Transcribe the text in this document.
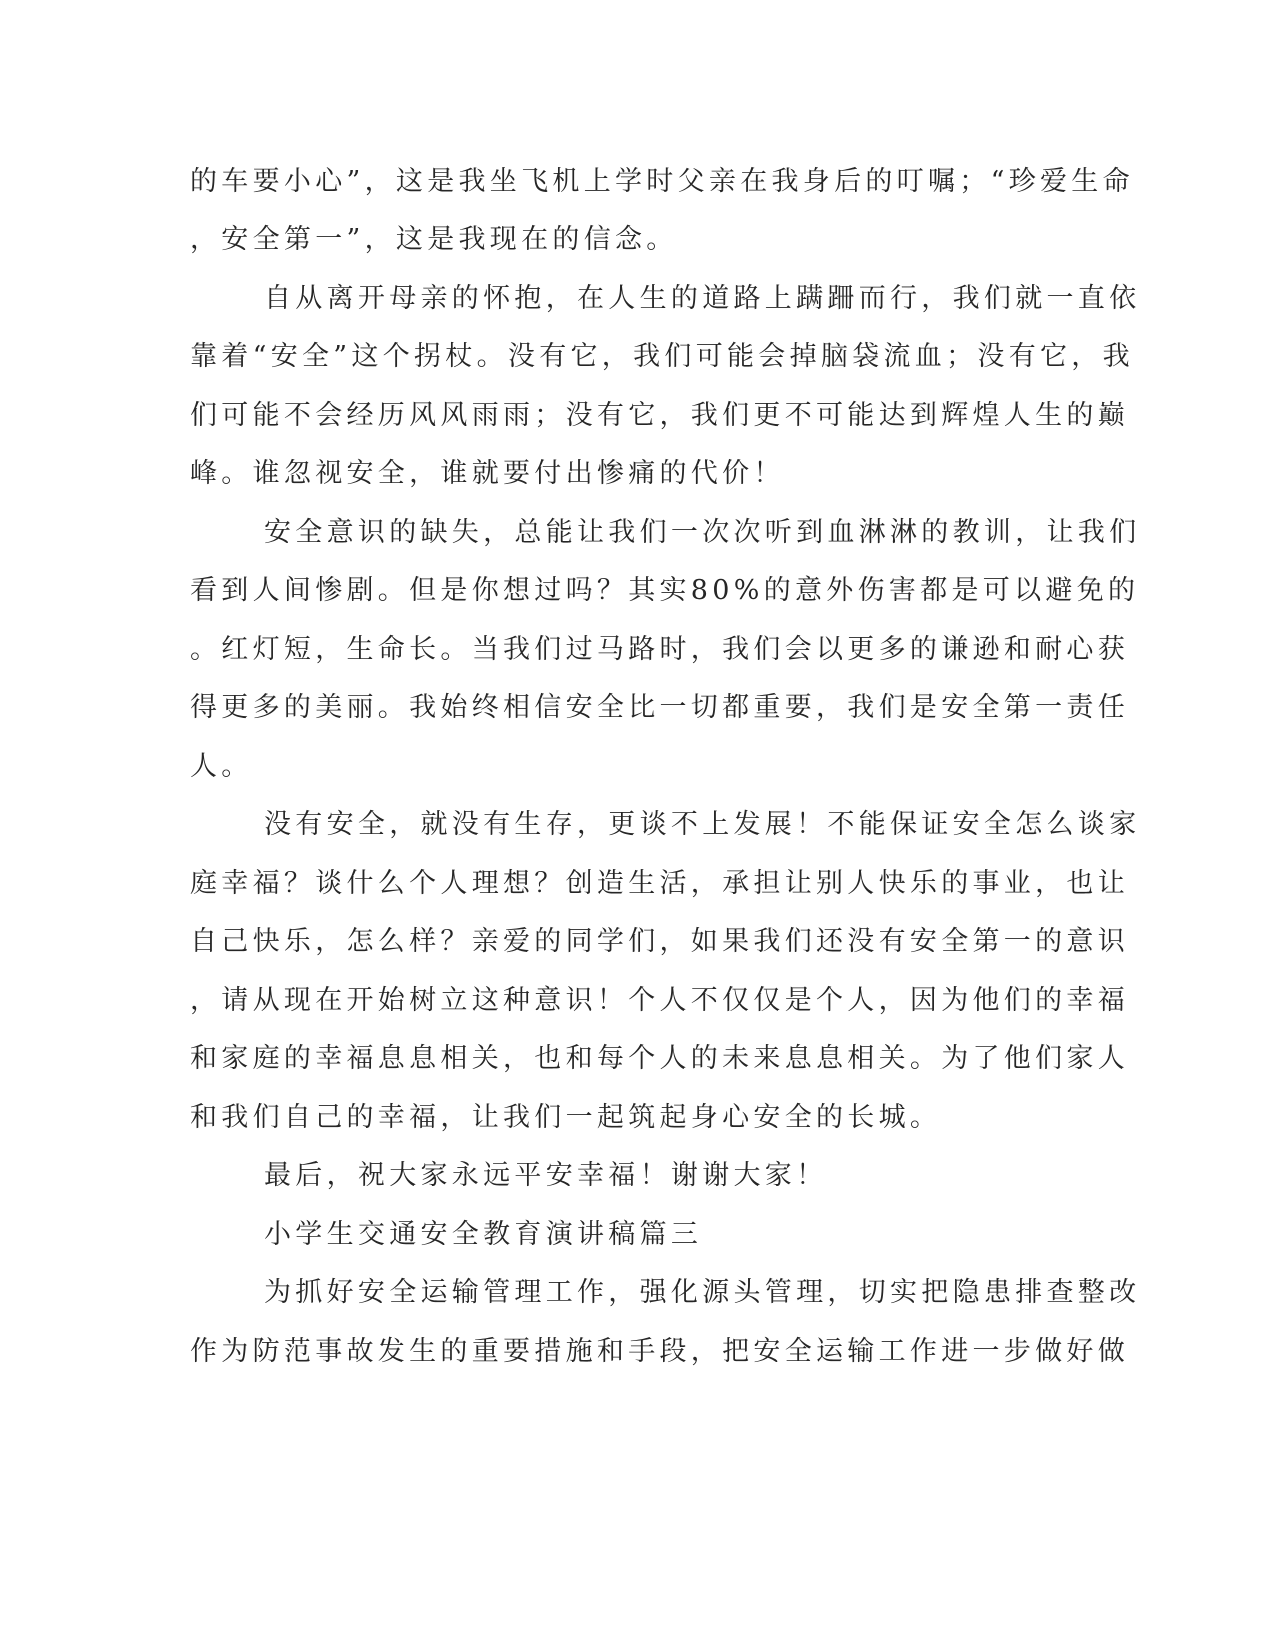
的车要小心”，这是我坐飞机上学时父亲在我身后的叮嘱；“珍爱生命
，安全第一”，这是我现在的信念。
自从离开母亲的怀抱，在人生的道路上蹒跚而行，我们就一直依
靠着“安全”这个拐杖。没有它，我们可能会掉脑袋流血；没有它，我
们可能不会经历风风雨雨；没有它，我们更不可能达到辉煌人生的巅
峰。谁忽视安全，谁就要付出惨痛的代价！
安全意识的缺失，总能让我们一次次听到血淋淋的教训，让我们
看到人间惨剧。但是你想过吗？其实80%的意外伤害都是可以避免的
。红灯短，生命长。当我们过马路时，我们会以更多的谦逊和耐心获
得更多的美丽。我始终相信安全比一切都重要，我们是安全第一责任
人。
没有安全，就没有生存，更谈不上发展！不能保证安全怎么谈家
庭幸福？谈什么个人理想？创造生活，承担让别人快乐的事业，也让
自己快乐，怎么样？亲爱的同学们，如果我们还没有安全第一的意识
，请从现在开始树立这种意识！个人不仅仅是个人，因为他们的幸福
和家庭的幸福息息相关，也和每个人的未来息息相关。为了他们家人
和我们自己的幸福，让我们一起筑起身心安全的长城。
最后，祝大家永远平安幸福！谢谢大家！
小学生交通安全教育演讲稿篇三
为抓好安全运输管理工作，强化源头管理，切实把隐患排查整改
作为防范事故发生的重要措施和手段，把安全运输工作进一步做好做
